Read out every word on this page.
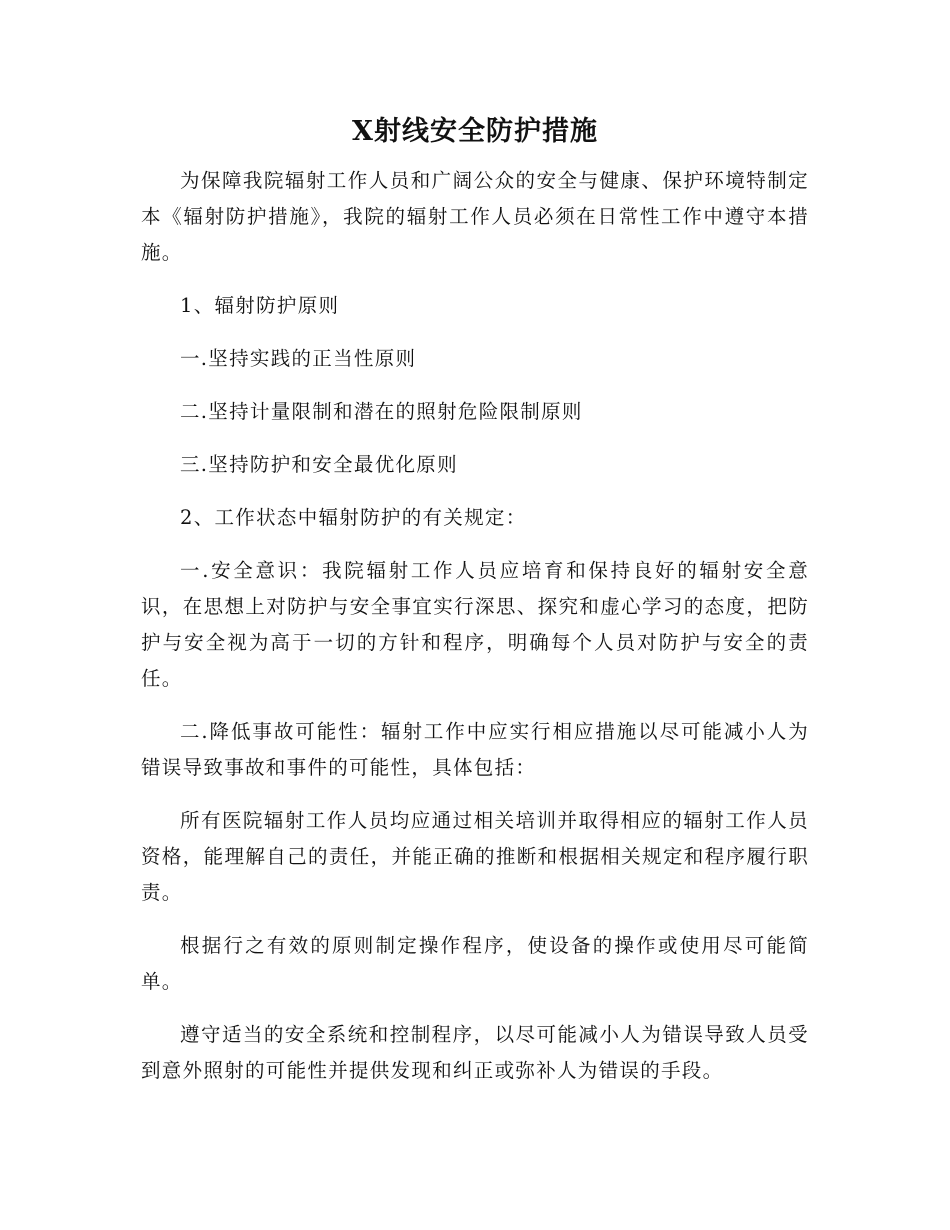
X射线安全防护措施

为保障我院辐射工作人员和广阔公众的安全与健康、保护环境特制定本《辐射防护措施》，我院的辐射工作人员必须在日常性工作中遵守本措施。

1、辐射防护原则

一.坚持实践的正当性原则

二.坚持计量限制和潜在的照射危险限制原则

三.坚持防护和安全最优化原则

2、工作状态中辐射防护的有关规定：

一.安全意识：我院辐射工作人员应培育和保持良好的辐射安全意识，在思想上对防护与安全事宜实行深思、探究和虚心学习的态度，把防护与安全视为高于一切的方针和程序，明确每个人员对防护与安全的责任。

二.降低事故可能性：辐射工作中应实行相应措施以尽可能减小人为错误导致事故和事件的可能性，具体包括：

所有医院辐射工作人员均应通过相关培训并取得相应的辐射工作人员资格，能理解自己的责任，并能正确的推断和根据相关规定和程序履行职责。

根据行之有效的原则制定操作程序，使设备的操作或使用尽可能简单。

遵守适当的安全系统和控制程序，以尽可能减小人为错误导致人员受到意外照射的可能性并提供发现和纠正或弥补人为错误的手段。
